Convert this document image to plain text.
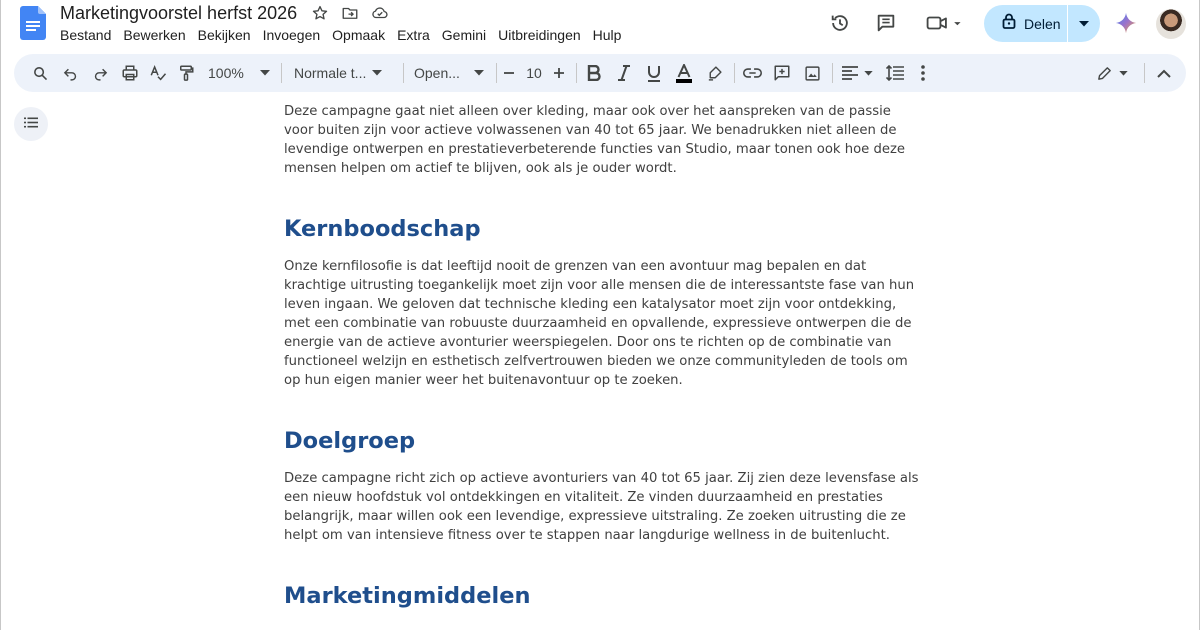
Marketingvoorstel herfst 2026
Bestand Bewerken Bekijken Invoegen Opmaak Extra Gemini Uitbreidingen Hulp
Delen
100%	Normale t...	Open...	10

Deze campagne gaat niet alleen over kleding, maar ook over het aanspreken van de passie voor buiten zijn voor actieve volwassenen van 40 tot 65 jaar. We benadrukken niet alleen de levendige ontwerpen en prestatieverbeterende functies van Studio, maar tonen ook hoe deze mensen helpen om actief te blijven, ook als je ouder wordt.

Kernboodschap

Onze kernfilosofie is dat leeftijd nooit de grenzen van een avontuur mag bepalen en dat krachtige uitrusting toegankelijk moet zijn voor alle mensen die de interessantste fase van hun leven ingaan. We geloven dat technische kleding een katalysator moet zijn voor ontdekking, met een combinatie van robuuste duurzaamheid en opvallende, expressieve ontwerpen die de energie van de actieve avonturier weerspiegelen. Door ons te richten op de combinatie van functioneel welzijn en esthetisch zelfvertrouwen bieden we onze communityleden de tools om op hun eigen manier weer het buitenavontuur op te zoeken.

Doelgroep

Deze campagne richt zich op actieve avonturiers van 40 tot 65 jaar. Zij zien deze levensfase als een nieuw hoofdstuk vol ontdekkingen en vitaliteit. Ze vinden duurzaamheid en prestaties belangrijk, maar willen ook een levendige, expressieve uitstraling. Ze zoeken uitrusting die ze helpt om van intensieve fitness over te stappen naar langdurige wellness in de buitenlucht.

Marketingmiddelen
